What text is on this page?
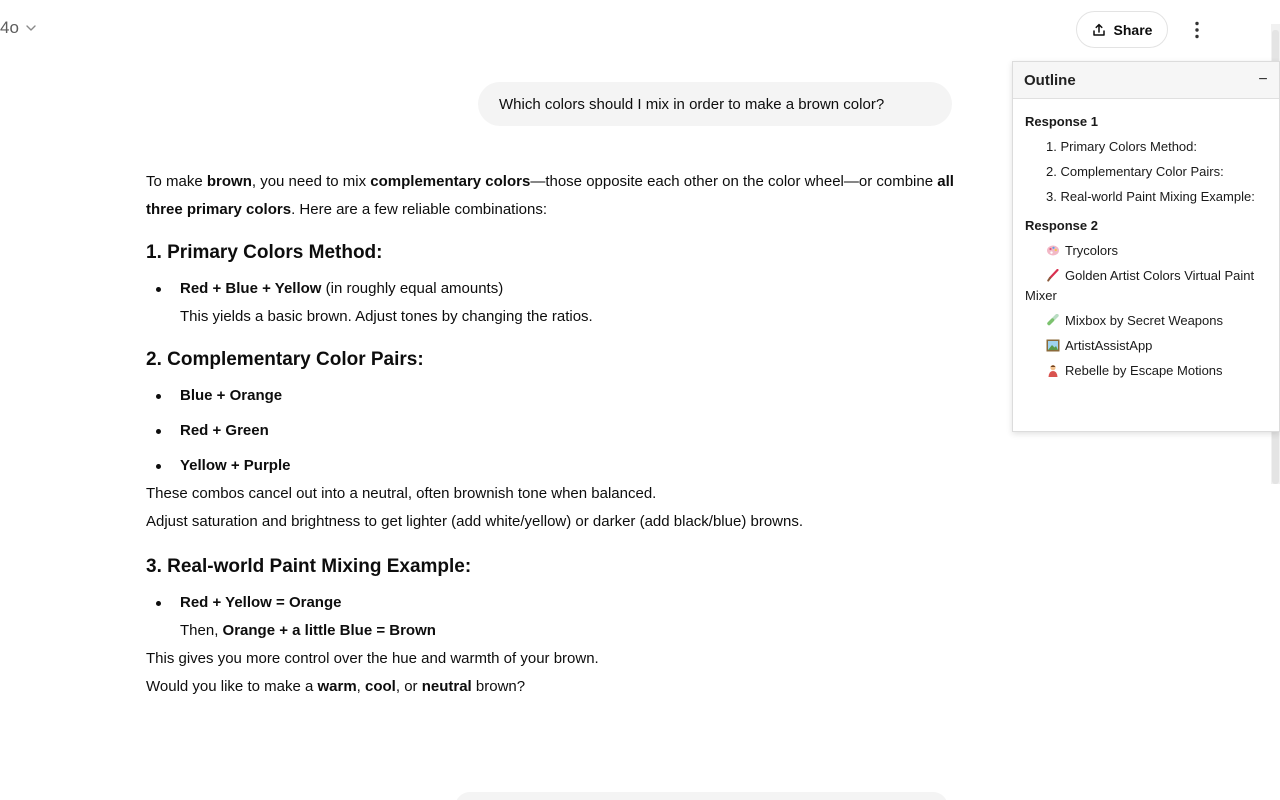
4o	Share
Which colors should I mix in order to make a brown color?

To make brown, you need to mix complementary colors—those opposite each other on the color wheel—or combine all three primary colors. Here are a few reliable combinations:

1. Primary Colors Method:
Red + Blue + Yellow (in roughly equal amounts)
This yields a basic brown. Adjust tones by changing the ratios.
2. Complementary Color Pairs:
Blue + Orange
Red + Green
Yellow + Purple

These combos cancel out into a neutral, often brownish tone when balanced.
Adjust saturation and brightness to get lighter (add white/yellow) or darker (add black/blue) browns.

3. Real-world Paint Mixing Example:
Red + Yellow = Orange
Then, Orange + a little Blue = Brown

This gives you more control over the hue and warmth of your brown.

Would you like to make a warm, cool, or neutral brown?

Outline	−
Response 1
1. Primary Colors Method:
2. Complementary Color Pairs:
3. Real-world Paint Mixing Example:
Response 2
Trycolors
Golden Artist Colors Virtual Paint Mixer
Mixbox by Secret Weapons
ArtistAssistApp
Rebelle by Escape Motions
